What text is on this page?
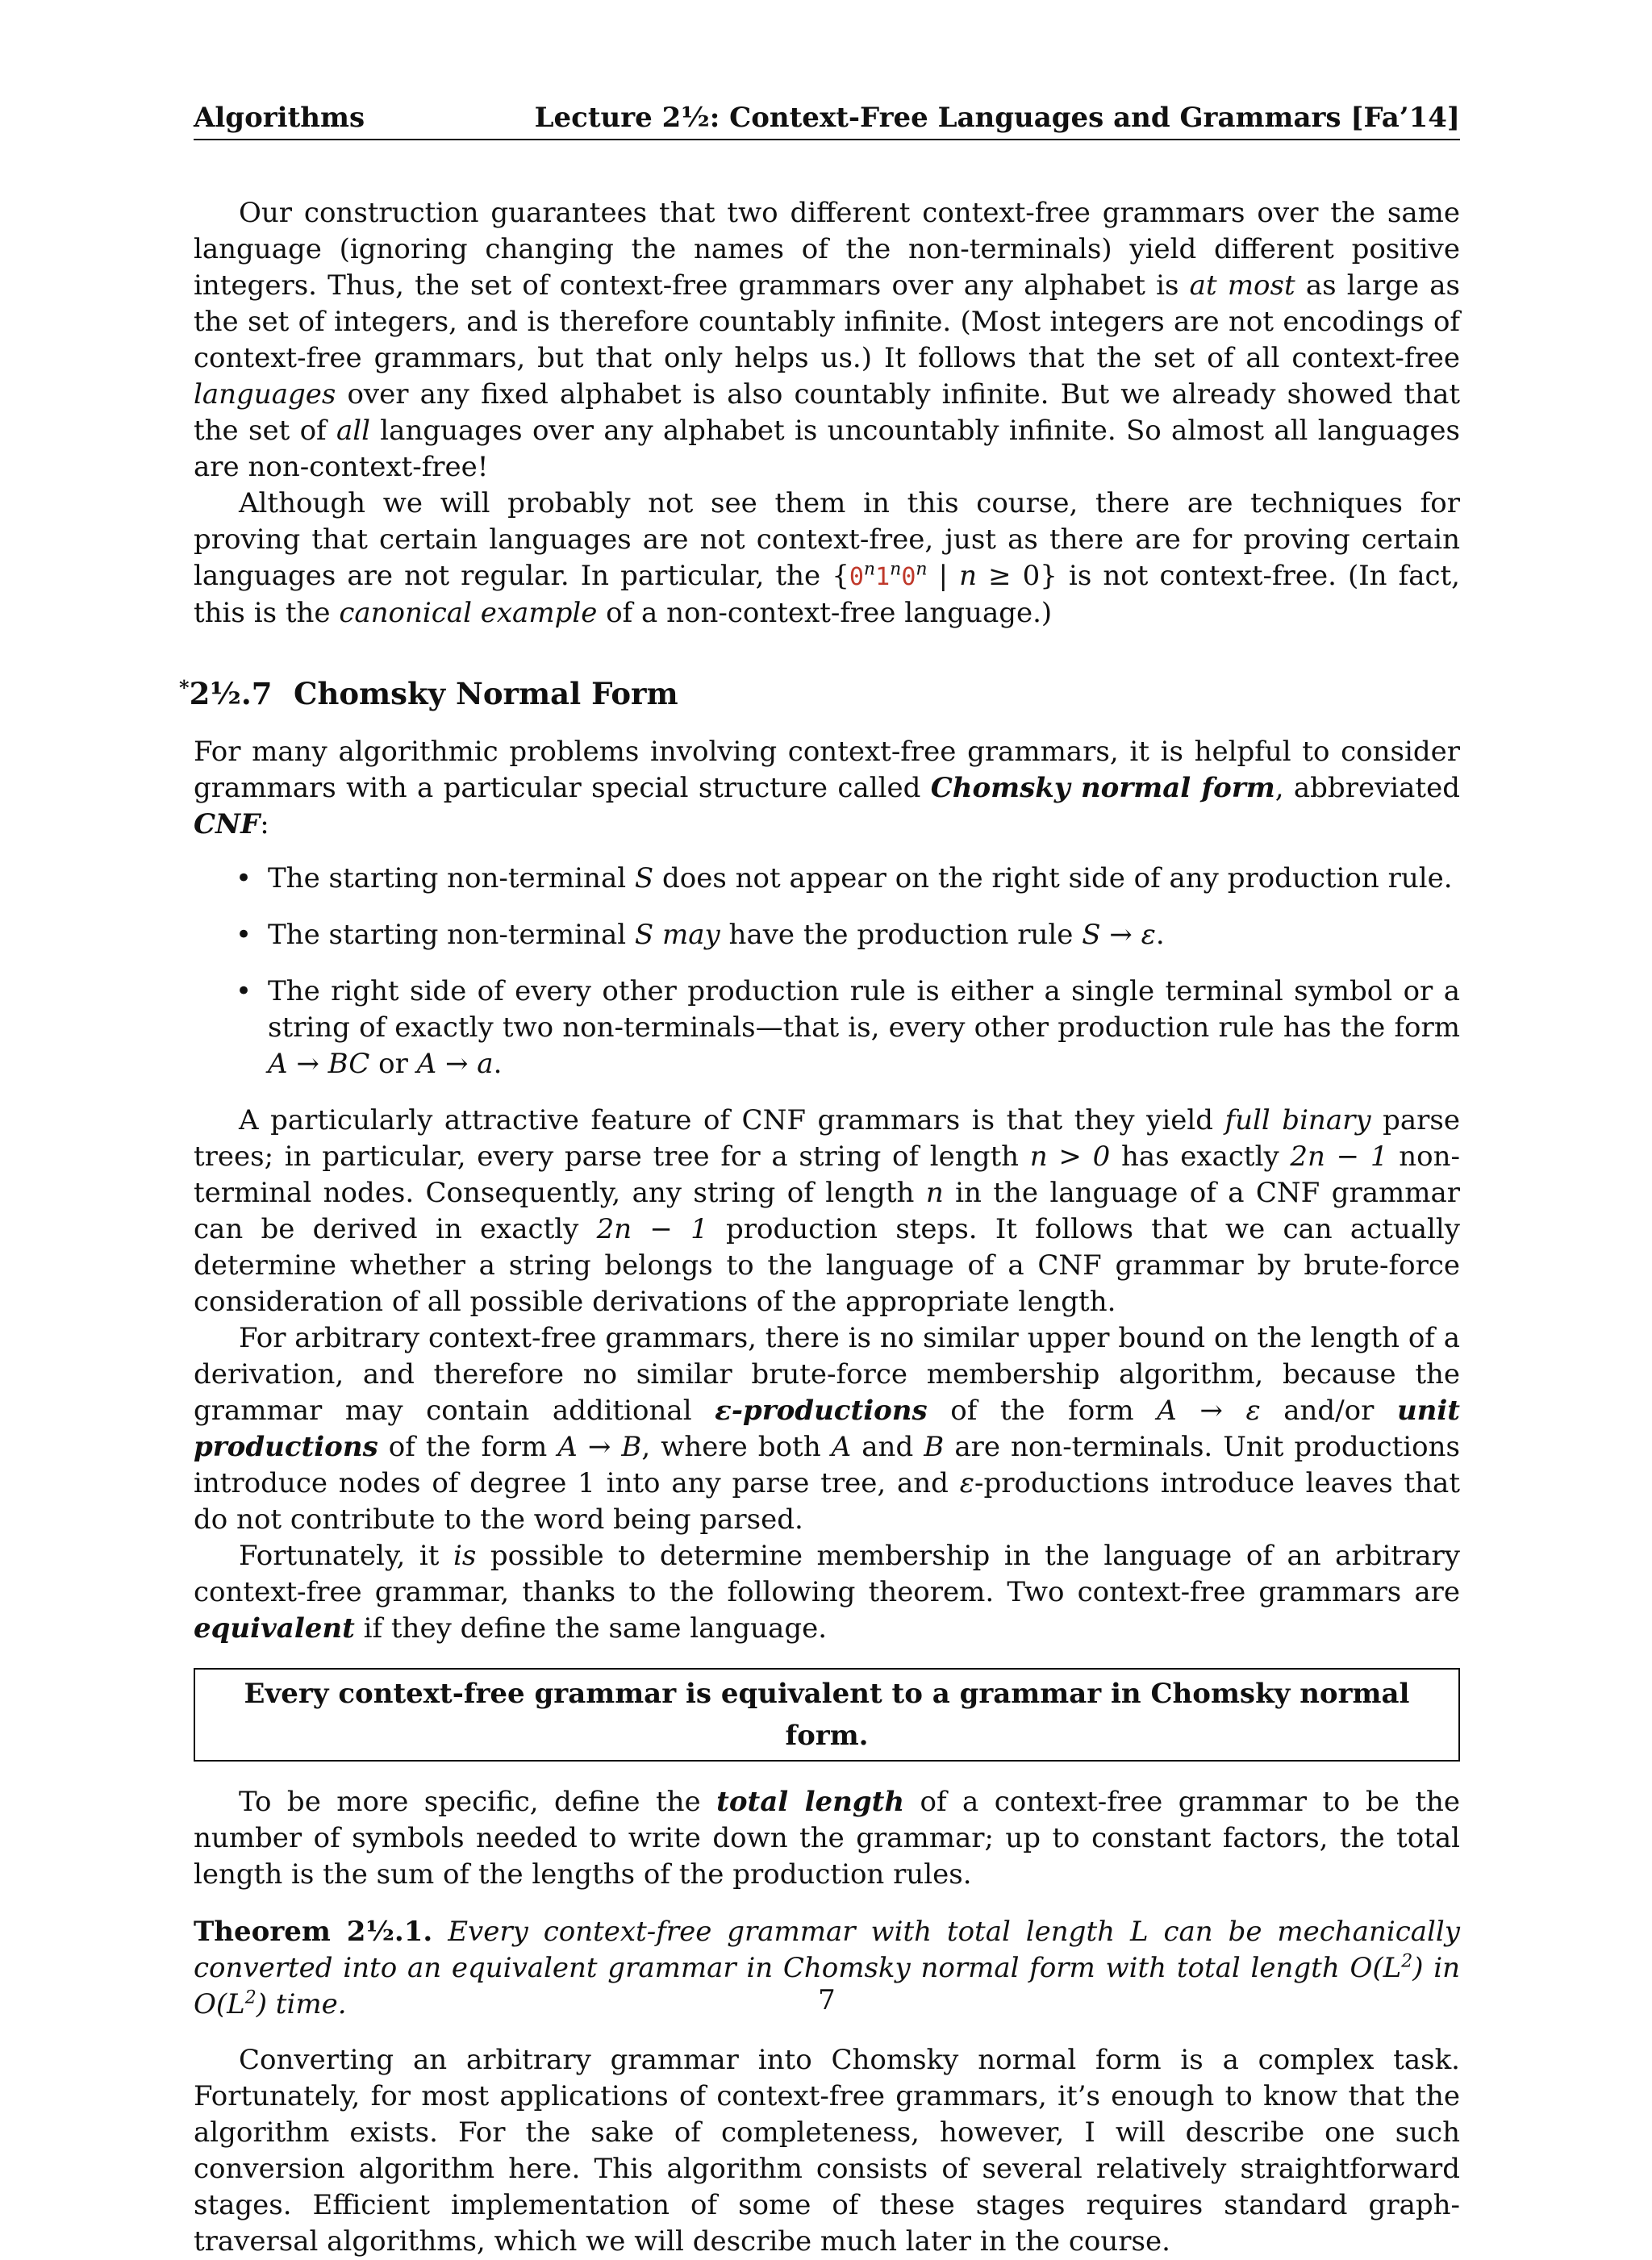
Algorithms	Lecture 2½: Context-Free Languages and Grammars [Fa’14]

Our construction guarantees that two different context-free grammars over the same language (ignoring changing the names of the non-terminals) yield different positive integers. Thus, the set of context-free grammars over any alphabet is at most as large as the set of integers, and is therefore countably infinite. (Most integers are not encodings of context-free grammars, but that only helps us.) It follows that the set of all context-free languages over any fixed alphabet is also countably infinite. But we already showed that the set of all languages over any alphabet is uncountably infinite. So almost all languages are non-context-free!

Although we will probably not see them in this course, there are techniques for proving that certain languages are not context-free, just as there are for proving certain languages are not regular. In particular, the {0$^n$1$^n$0$^n$ | n ≥ 0} is not context-free. (In fact, this is the canonical example of a non-context-free language.)

*2½.7 Chomsky Normal Form

For many algorithmic problems involving context-free grammars, it is helpful to consider grammars with a particular special structure called Chomsky normal form, abbreviated CNF:

• The starting non-terminal S does not appear on the right side of any production rule.
• The starting non-terminal S may have the production rule S → ε.
• The right side of every other production rule is either a single terminal symbol or a string of exactly two non-terminals—that is, every other production rule has the form A → BC or A → a.

A particularly attractive feature of CNF grammars is that they yield full binary parse trees; in particular, every parse tree for a string of length n > 0 has exactly 2n − 1 non-terminal nodes. Consequently, any string of length n in the language of a CNF grammar can be derived in exactly 2n − 1 production steps. It follows that we can actually determine whether a string belongs to the language of a CNF grammar by brute-force consideration of all possible derivations of the appropriate length.

For arbitrary context-free grammars, there is no similar upper bound on the length of a derivation, and therefore no similar brute-force membership algorithm, because the grammar may contain additional ε-productions of the form A → ε and/or unit productions of the form A → B, where both A and B are non-terminals. Unit productions introduce nodes of degree 1 into any parse tree, and ε-productions introduce leaves that do not contribute to the word being parsed.

Fortunately, it is possible to determine membership in the language of an arbitrary context-free grammar, thanks to the following theorem. Two context-free grammars are equivalent if they define the same language.

Every context-free grammar is equivalent to a grammar in Chomsky normal form.

To be more specific, define the total length of a context-free grammar to be the number of symbols needed to write down the grammar; up to constant factors, the total length is the sum of the lengths of the production rules.

Theorem 2½.1. Every context-free grammar with total length L can be mechanically converted into an equivalent grammar in Chomsky normal form with total length $O(L^2)$ in $O(L^2)$ time.

Converting an arbitrary grammar into Chomsky normal form is a complex task. Fortunately, for most applications of context-free grammars, it’s enough to know that the algorithm exists. For the sake of completeness, however, I will describe one such conversion algorithm here. This algorithm consists of several relatively straightforward stages. Efficient implementation of some of these stages requires standard graph-traversal algorithms, which we will describe much later in the course.

7
